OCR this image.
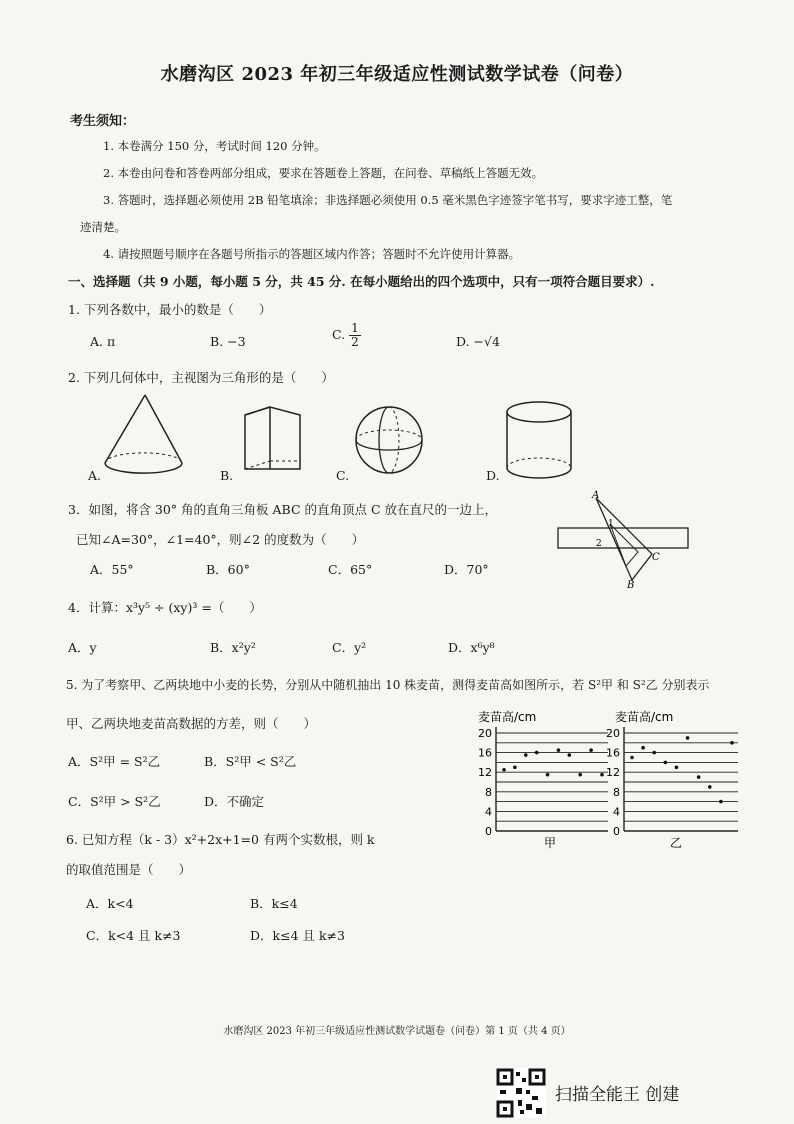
水磨沟区 2023 年初三年级适应性测试数学试卷（问卷）
考生须知：
1. 本卷满分 150 分，考试时间 120 分钟。
2. 本卷由问卷和答卷两部分组成，要求在答题卷上答题，在问卷、草稿纸上答题无效。
3. 答题时，选择题必须使用 2B 铅笔填涂；非选择题必须使用 0.5 毫米黑色字迹签字笔书写，要求字迹工整，笔
迹清楚。
4. 请按照题号顺序在各题号所指示的答题区域内作答；答题时不允许使用计算器。
一、选择题（共 9 小题，每小题 5 分，共 45 分. 在每小题给出的四个选项中，只有一项符合题目要求）.
1. 下列各数中，最小的数是（　　）
A. π	B. −3	C. $\frac{1}{2}$	D. −√4
2. 下列几何体中，主视图为三角形的是（　　）
A.	B.	C.	D.
3．如图，将含 30° 角的直角三角板 ABC 的直角顶点 C 放在直尺的一边上，
已知∠A=30°，∠1=40°，则∠2 的度数为（　　）
A．55°	B．60°	C．65°	D．70°
A
B
C
1
2
4．计算：x³y⁵ ÷ (xy)³ =（　　）
A．y	B．x²y²	C．y²	D．x⁶y⁸
5. 为了考察甲、乙两块地中小麦的长势，分别从中随机抽出 10 株麦苗，测得麦苗高如图所示，若 S²甲 和 S²乙 分别表示
甲、乙两块地麦苗高数据的方差，则（　　）
A．S²甲 = S²乙	B．S²甲 < S²乙
C．S²甲 > S²乙	D．不确定
麦苗高/cm
甲
0
4
8
12
16
20
麦苗高/cm
乙
0
4
8
12
16
20
6. 已知方程（k - 3）x²+2x+1=0 有两个实数根，则 k
的取值范围是（　　）
A．k<4	B．k≤4
C．k<4 且 k≠3	D．k≤4 且 k≠3
水磨沟区 2023 年初三年级适应性测试数学试题卷（问卷）第 1 页（共 4 页）
扫描全能王 创建
